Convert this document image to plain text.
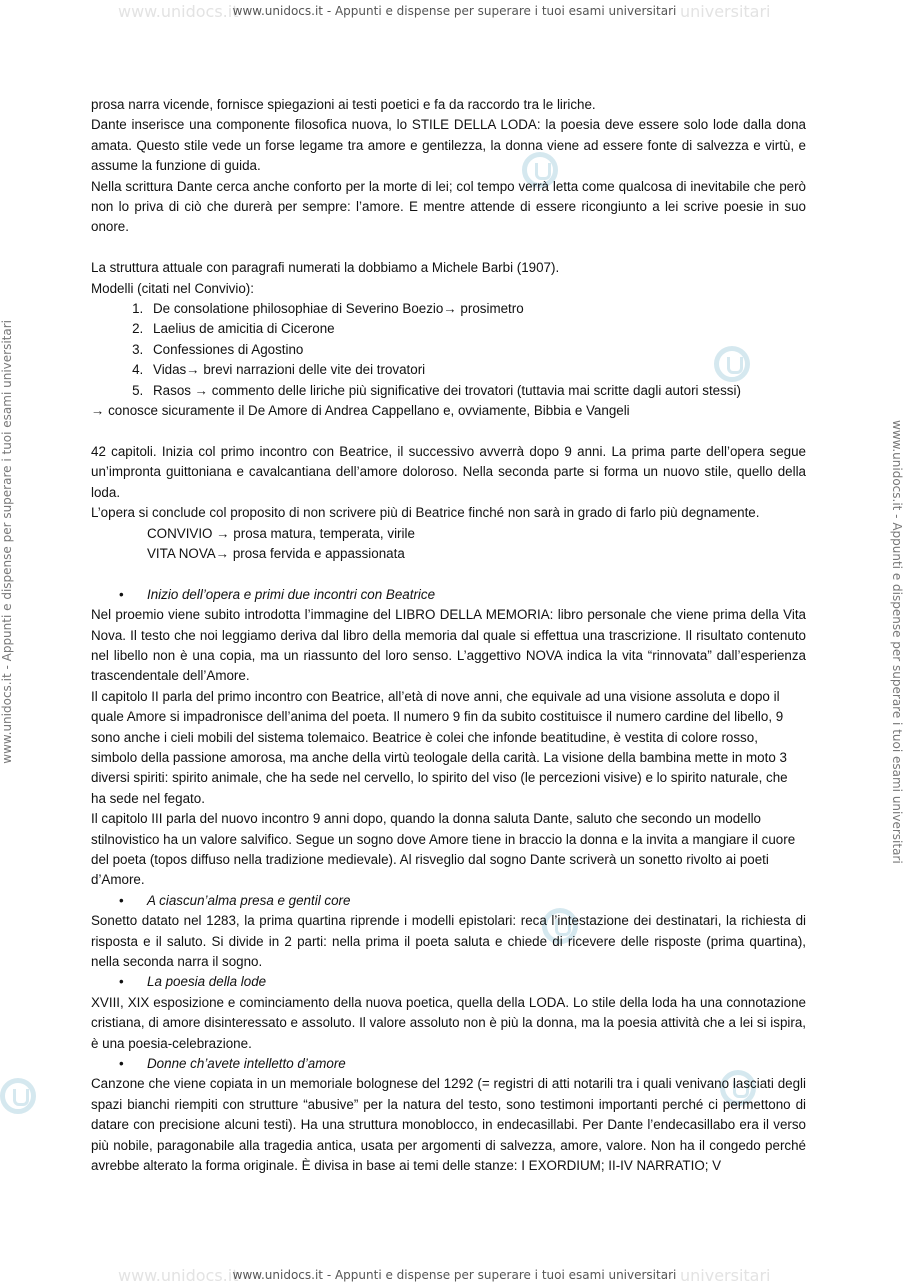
www.unidocs.it	universitari
www.unidocs.it - Appunti e dispense per superare i tuoi esami universitari
www.unidocs.it - Appunti e dispense per superare i tuoi esami universitari	www.unidocs.it - Appunti e dispense per superare i tuoi esami universitari
www.unidocs.it	universitari
www.unidocs.it - Appunti e dispense per superare i tuoi esami universitari

prosa narra vicende, fornisce spiegazioni ai testi poetici e fa da raccordo tra le liriche.

Dante inserisce una componente filosofica nuova, lo STILE DELLA LODA: la poesia deve essere solo lode dalla dona amata. Questo stile vede un forse legame tra amore e gentilezza, la donna viene ad essere fonte di salvezza e virtù, e assume la funzione di guida.

Nella scrittura Dante cerca anche conforto per la morte di lei; col tempo verrà letta come qualcosa di inevitabile che però non lo priva di ciò che durerà per sempre: l’amore. E mentre attende di essere ricongiunto a lei scrive poesie in suo onore.

La struttura attuale con paragrafi numerati la dobbiamo a Michele Barbi (1907).

Modelli (citati nel Convivio):

1. De consolatione philosophiae di Severino Boezio→ prosimetro
2. Laelius de amicitia di Cicerone
3. Confessiones di Agostino
4. Vidas→ brevi narrazioni delle vite dei trovatori
5. Rasos → commento delle liriche più significative dei trovatori (tuttavia mai scritte dagli autori stessi)

→ conosce sicuramente il De Amore di Andrea Cappellano e, ovviamente, Bibbia e Vangeli

42 capitoli. Inizia col primo incontro con Beatrice, il successivo avverrà dopo 9 anni. La prima parte dell’opera segue un’impronta guittoniana e cavalcantiana dell’amore doloroso. Nella seconda parte si forma un nuovo stile, quello della loda.

L’opera si conclude col proposito di non scrivere più di Beatrice finché non sarà in grado di farlo più degnamente.

CONVIVIO → prosa matura, temperata, virile

VITA NOVA→ prosa fervida e appassionata

• Inizio dell’opera e primi due incontri con Beatrice

Nel proemio viene subito introdotta l’immagine del LIBRO DELLA MEMORIA: libro personale che viene prima della Vita Nova. Il testo che noi leggiamo deriva dal libro della memoria dal quale si effettua una trascrizione. Il risultato contenuto nel libello non è una copia, ma un riassunto del loro senso. L’aggettivo NOVA indica la vita “rinnovata” dall’esperienza trascendentale dell’Amore.

Il capitolo II parla del primo incontro con Beatrice, all’età di nove anni, che equivale ad una visione assoluta e dopo il quale Amore si impadronisce dell’anima del poeta. Il numero 9 fin da subito costituisce il numero cardine del libello, 9 sono anche i cieli mobili del sistema tolemaico. Beatrice è colei che infonde beatitudine, è vestita di colore rosso, simbolo della passione amorosa, ma anche della virtù teologale della carità. La visione della bambina mette in moto 3 diversi spiriti: spirito animale, che ha sede nel cervello, lo spirito del viso (le percezioni visive) e lo spirito naturale, che ha sede nel fegato.

Il capitolo III parla del nuovo incontro 9 anni dopo, quando la donna saluta Dante, saluto che secondo un modello stilnovistico ha un valore salvifico. Segue un sogno dove Amore tiene in braccio la donna e la invita a mangiare il cuore del poeta (topos diffuso nella tradizione medievale). Al risveglio dal sogno Dante scriverà un sonetto rivolto ai poeti d’Amore.

• A ciascun’alma presa e gentil core

Sonetto datato nel 1283, la prima quartina riprende i modelli epistolari: reca l’intestazione dei destinatari, la richiesta di risposta e il saluto. Si divide in 2 parti: nella prima il poeta saluta e chiede di ricevere delle risposte (prima quartina), nella seconda narra il sogno.

• La poesia della lode

XVIII, XIX esposizione e cominciamento della nuova poetica, quella della LODA. Lo stile della loda ha una connotazione cristiana, di amore disinteressato e assoluto. Il valore assoluto non è più la donna, ma la poesia attività che a lei si ispira, è una poesia-celebrazione.

• Donne ch’avete intelletto d’amore

Canzone che viene copiata in un memoriale bolognese del 1292 (= registri di atti notarili tra i quali venivano lasciati degli spazi bianchi riempiti con strutture “abusive” per la natura del testo, sono testimoni importanti perché ci permettono di datare con precisione alcuni testi). Ha una struttura monoblocco, in endecasillabi. Per Dante l’endecasillabo era il verso più nobile, paragonabile alla tragedia antica, usata per argomenti di salvezza, amore, valore. Non ha il congedo perché avrebbe alterato la forma originale. È divisa in base ai temi delle stanze: I EXORDIUM; II-IV NARRATIO; V
